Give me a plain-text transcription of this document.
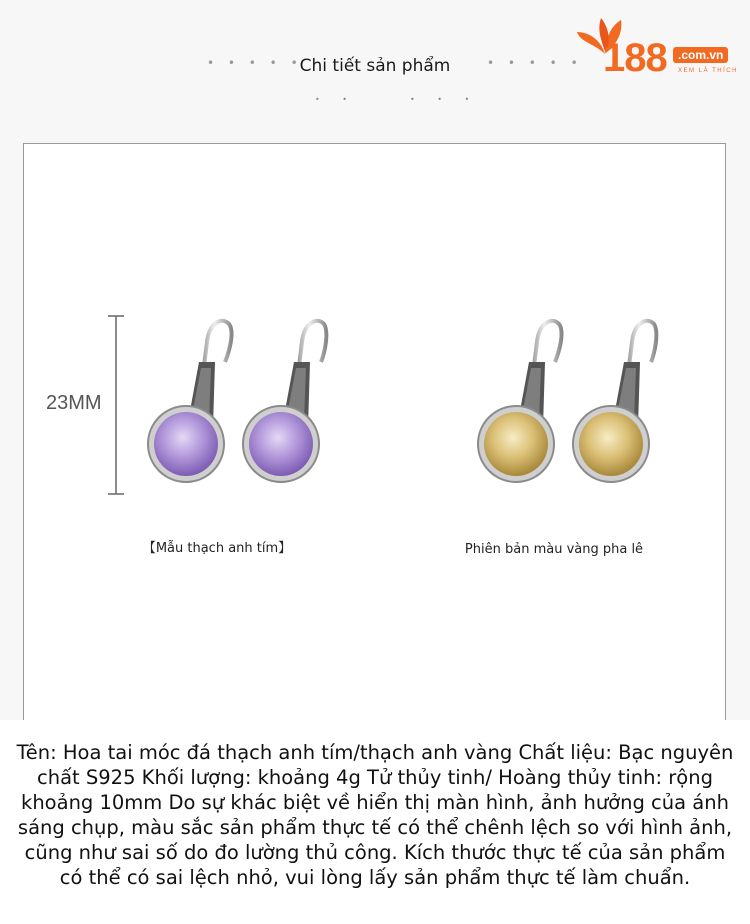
• • • • •
Chi tiết sản phẩm	• • • • •
• •	• • •
188 .com.vn
XEM LÀ THÍCH
23MM
【Mẫu thạch anh tím】	Phiên bản màu vàng pha lê
Tên: Hoa tai móc đá thạch anh tím/thạch anh vàng Chất liệu: Bạc nguyên chất S925 Khối lượng: khoảng 4g Tử thủy tinh/ Hoàng thủy tinh: rộng khoảng 10mm Do sự khác biệt về hiển thị màn hình, ảnh hưởng của ánh sáng chụp, màu sắc sản phẩm thực tế có thể chênh lệch so với hình ảnh, cũng như sai số do đo lường thủ công. Kích thước thực tế của sản phẩm có thể có sai lệch nhỏ, vui lòng lấy sản phẩm thực tế làm chuẩn.
